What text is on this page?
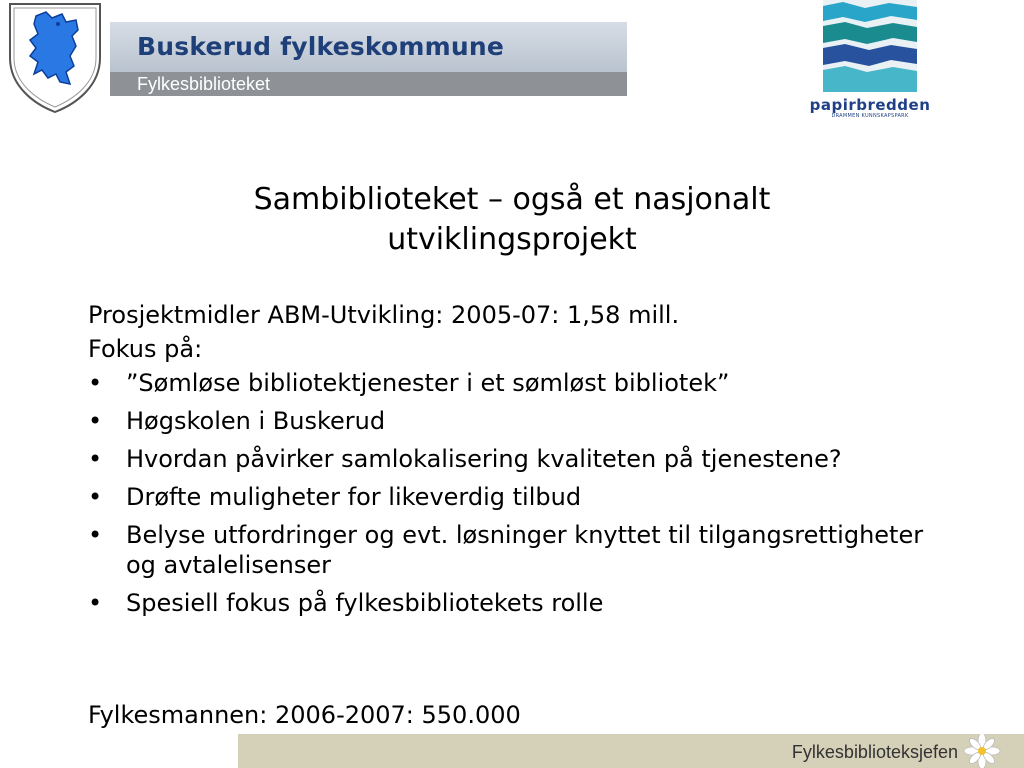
Buskerud fylkeskommune
Fylkesbiblioteket
papirbredden
DRAMMEN KUNNSKAPSPARK
Sambiblioteket – også et nasjonalt
utviklingsprojekt

Prosjektmidler ABM-Utvikling: 2005-07: 1,58 mill.

Fokus på:

• ”Sømløse bibliotektjenester i et sømløst bibliotek”
• Høgskolen i Buskerud
• Hvordan påvirker samlokalisering kvaliteten på tjenestene?
• Drøfte muligheter for likeverdig tilbud
• Belyse utfordringer og evt. løsninger knyttet til tilgangsrettigheter og avtalelisenser
• Spesiell fokus på fylkesbibliotekets rolle
Fylkesmannen: 2006-2007: 550.000
Fylkesbiblioteksjefen
